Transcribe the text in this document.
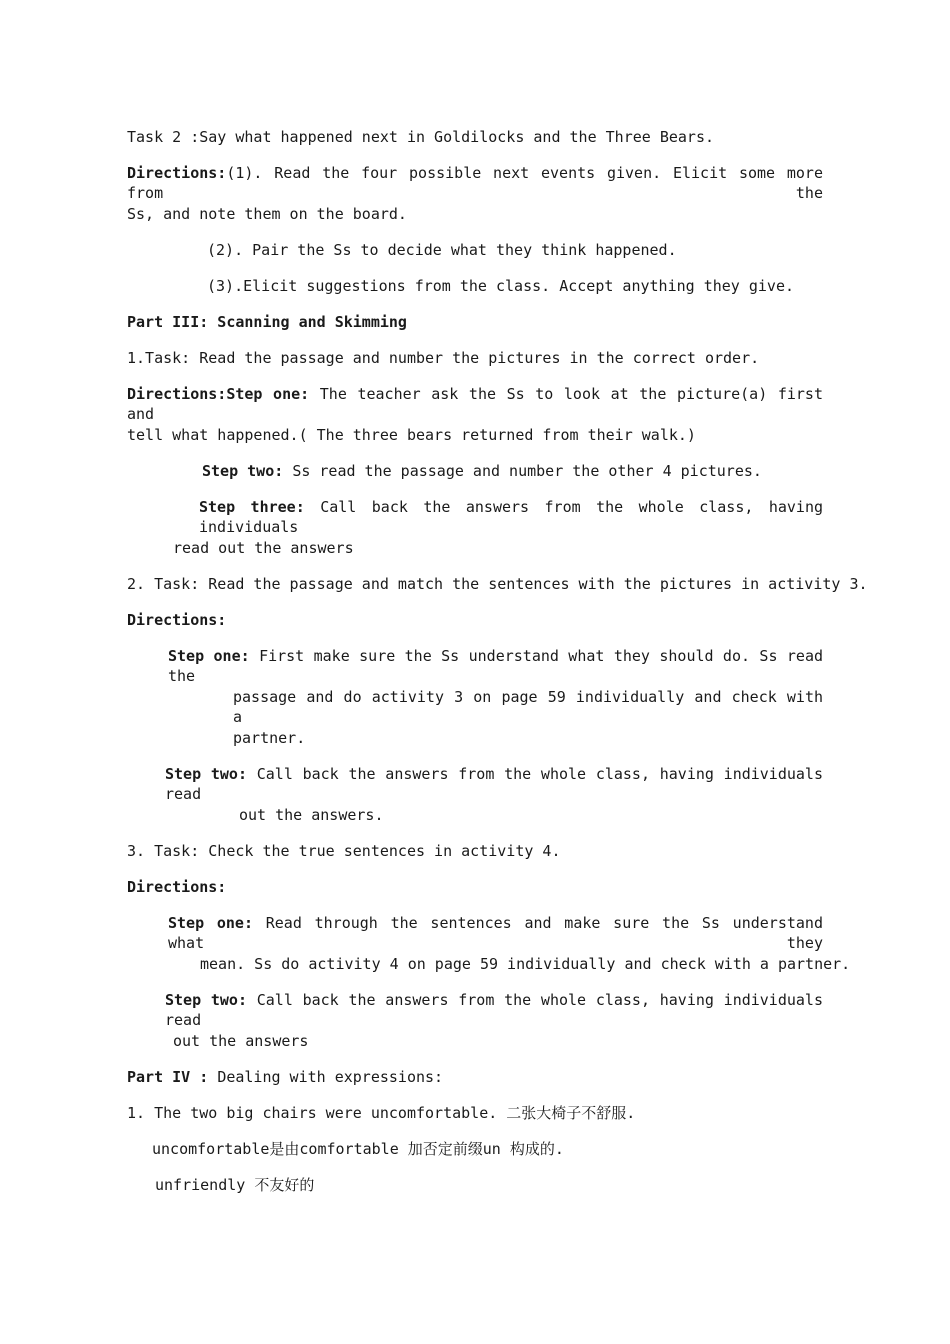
Task 2 :Say what happened next in Goldilocks and the Three Bears.
Directions:(1). Read the four possible next events given. Elicit some more from the
Ss, and note them on the board.
(2). Pair the Ss to decide what they think happened.
(3).Elicit suggestions from the class. Accept anything they give.
Part III: Scanning and Skimming
1.Task: Read the passage and number the pictures in the correct order.
Directions:Step one: The teacher ask the Ss to look at the picture(a) first and
tell what happened.( The three bears returned from their walk.)
Step two: Ss read the passage and number the other 4 pictures.
Step three: Call back the answers from the whole class, having individuals
read out the answers
2. Task: Read the passage and match the sentences with the pictures in activity 3.
Directions:
Step one: First make sure the Ss understand what they should do. Ss read the
passage and do activity 3 on page 59 individually and check with a
partner.
Step two: Call back the answers from the whole class, having individuals read
out the answers.
3. Task: Check the true sentences in activity 4.
Directions:
Step one: Read through the sentences and make sure the Ss understand what they
mean. Ss do activity 4 on page 59 individually and check with a partner.
Step two: Call back the answers from the whole class, having individuals read
out the answers
Part IV : Dealing with expressions:
1. The two big chairs were uncomfortable. 二张大椅子不舒服.
uncomfortable是由comfortable 加否定前缀un 构成的.
unfriendly 不友好的
